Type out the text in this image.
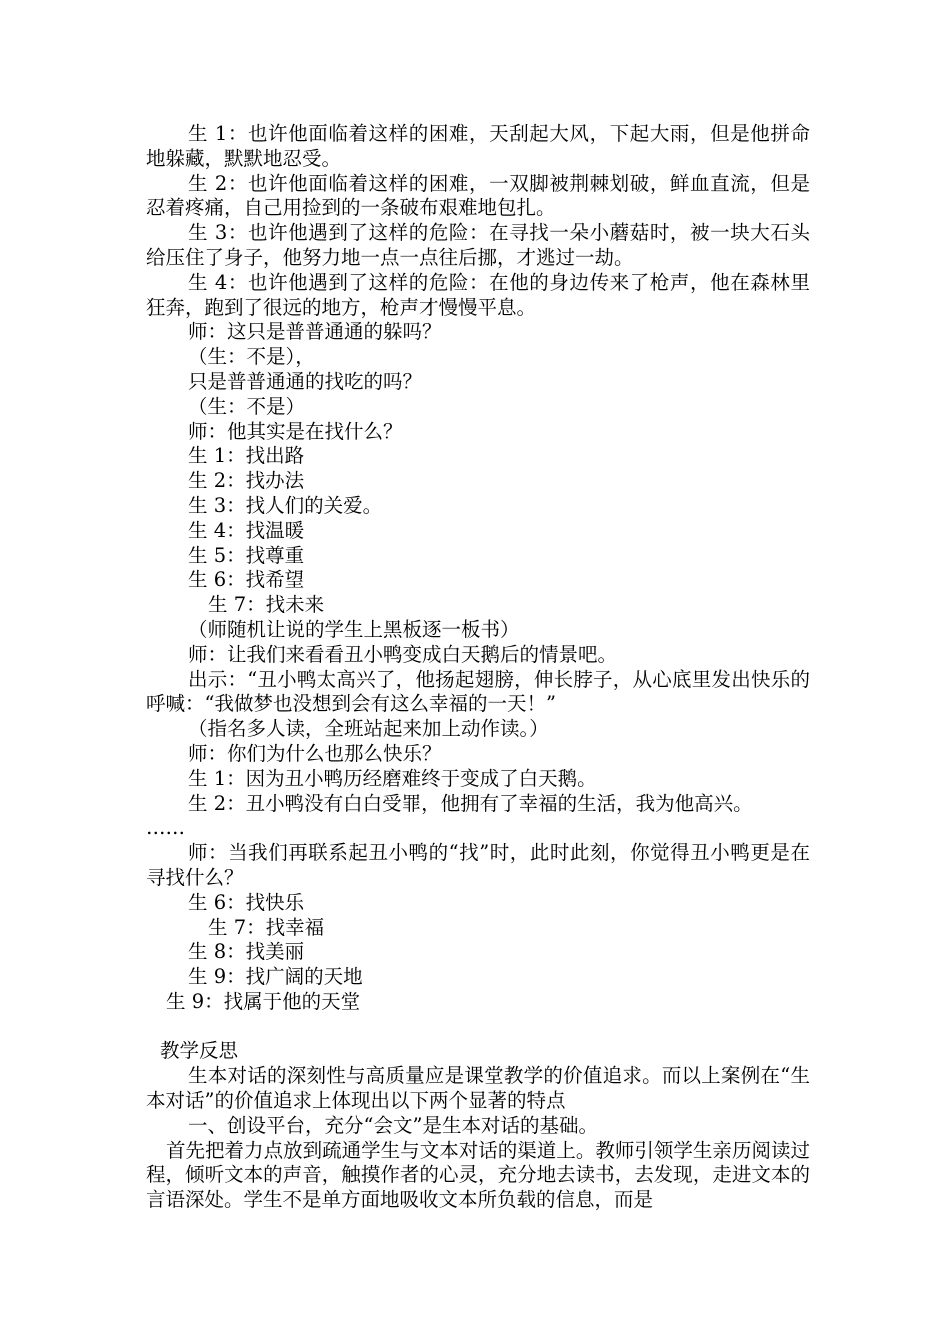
生 1：也许他面临着这样的困难，天刮起大风，下起大雨，但是他拼命地躲藏，默默地忍受。

生 2：也许他面临着这样的困难，一双脚被荆棘划破，鲜血直流，但是忍着疼痛，自己用捡到的一条破布艰难地包扎。

生 3：也许他遇到了这样的危险：在寻找一朵小蘑菇时，被一块大石头给压住了身子，他努力地一点一点往后挪，才逃过一劫。

生 4：也许他遇到了这样的危险：在他的身边传来了枪声，他在森林里狂奔，跑到了很远的地方，枪声才慢慢平息。

师：这只是普普通通的躲吗？

（生：不是），

只是普普通通的找吃的吗？

（生：不是）

师：他其实是在找什么？

生 1：找出路

生 2：找办法

生 3：找人们的关爱。

生 4：找温暖

生 5：找尊重

生 6：找希望

生 7：找未来

（师随机让说的学生上黑板逐一板书）

师：让我们来看看丑小鸭变成白天鹅后的情景吧。

出示：“丑小鸭太高兴了，他扬起翅膀，伸长脖子，从心底里发出快乐的呼喊：“我做梦也没想到会有这么幸福的一天！”

（指名多人读，全班站起来加上动作读。）

师：你们为什么也那么快乐？

生 1：因为丑小鸭历经磨难终于变成了白天鹅。

生 2：丑小鸭没有白白受罪，他拥有了幸福的生活，我为他高兴。

……

师：当我们再联系起丑小鸭的“找”时，此时此刻，你觉得丑小鸭更是在寻找什么？

生 6：找快乐

生 7：找幸福

生 8：找美丽

生 9：找广阔的天地

生 9：找属于他的天堂

教学反思

生本对话的深刻性与高质量应是课堂教学的价值追求。而以上案例在“生本对话”的价值追求上体现出以下两个显著的特点

一、创设平台，充分“会文”是生本对话的基础。

首先把着力点放到疏通学生与文本对话的渠道上。教师引领学生亲历阅读过程，倾听文本的声音，触摸作者的心灵，充分地去读书，去发现，走进文本的言语深处。学生不是单方面地吸收文本所负载的信息，而是
